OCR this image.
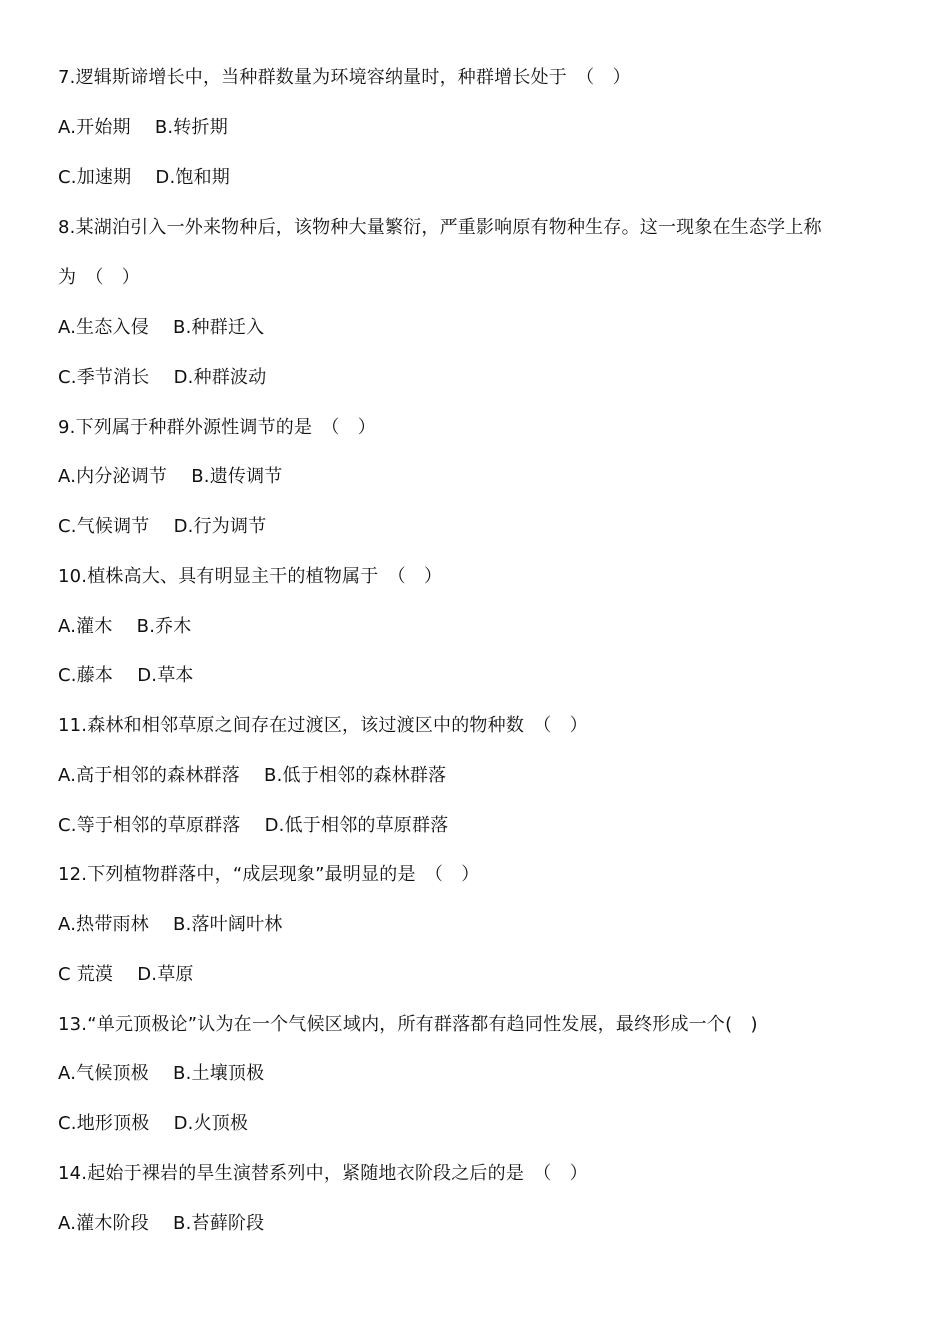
7.逻辑斯谛增长中，当种群数量为环境容纳量时，种群增长处于　（　）
A.开始期　 B.转折期
C.加速期　 D.饱和期
8.某湖泊引入一外来物种后，该物种大量繁衍，严重影响原有物种生存。这一现象在生态学上称
为　（　）
A.生态入侵　 B.种群迁入
C.季节消长　 D.种群波动
9.下列属于种群外源性调节的是　（　）
A.内分泌调节　 B.遗传调节
C.气候调节　 D.行为调节
10.植株高大、具有明显主干的植物属于　（　）
A.灌木　 B.乔木
C.藤本　 D.草本
11.森林和相邻草原之间存在过渡区，该过渡区中的物种数　（　）
A.高于相邻的森林群落　 B.低于相邻的森林群落
C.等于相邻的草原群落　 D.低于相邻的草原群落
12.下列植物群落中，“成层现象”最明显的是　（　）
A.热带雨林　 B.落叶阔叶林
C 荒漠　 D.草原
13.“单元顶极论”认为在一个气候区域内，所有群落都有趋同性发展，最终形成一个(　)
A.气候顶极　 B.土壤顶极
C.地形顶极　 D.火顶极
14.起始于裸岩的旱生演替系列中，紧随地衣阶段之后的是　（　）
A.灌木阶段　 B.苔藓阶段
